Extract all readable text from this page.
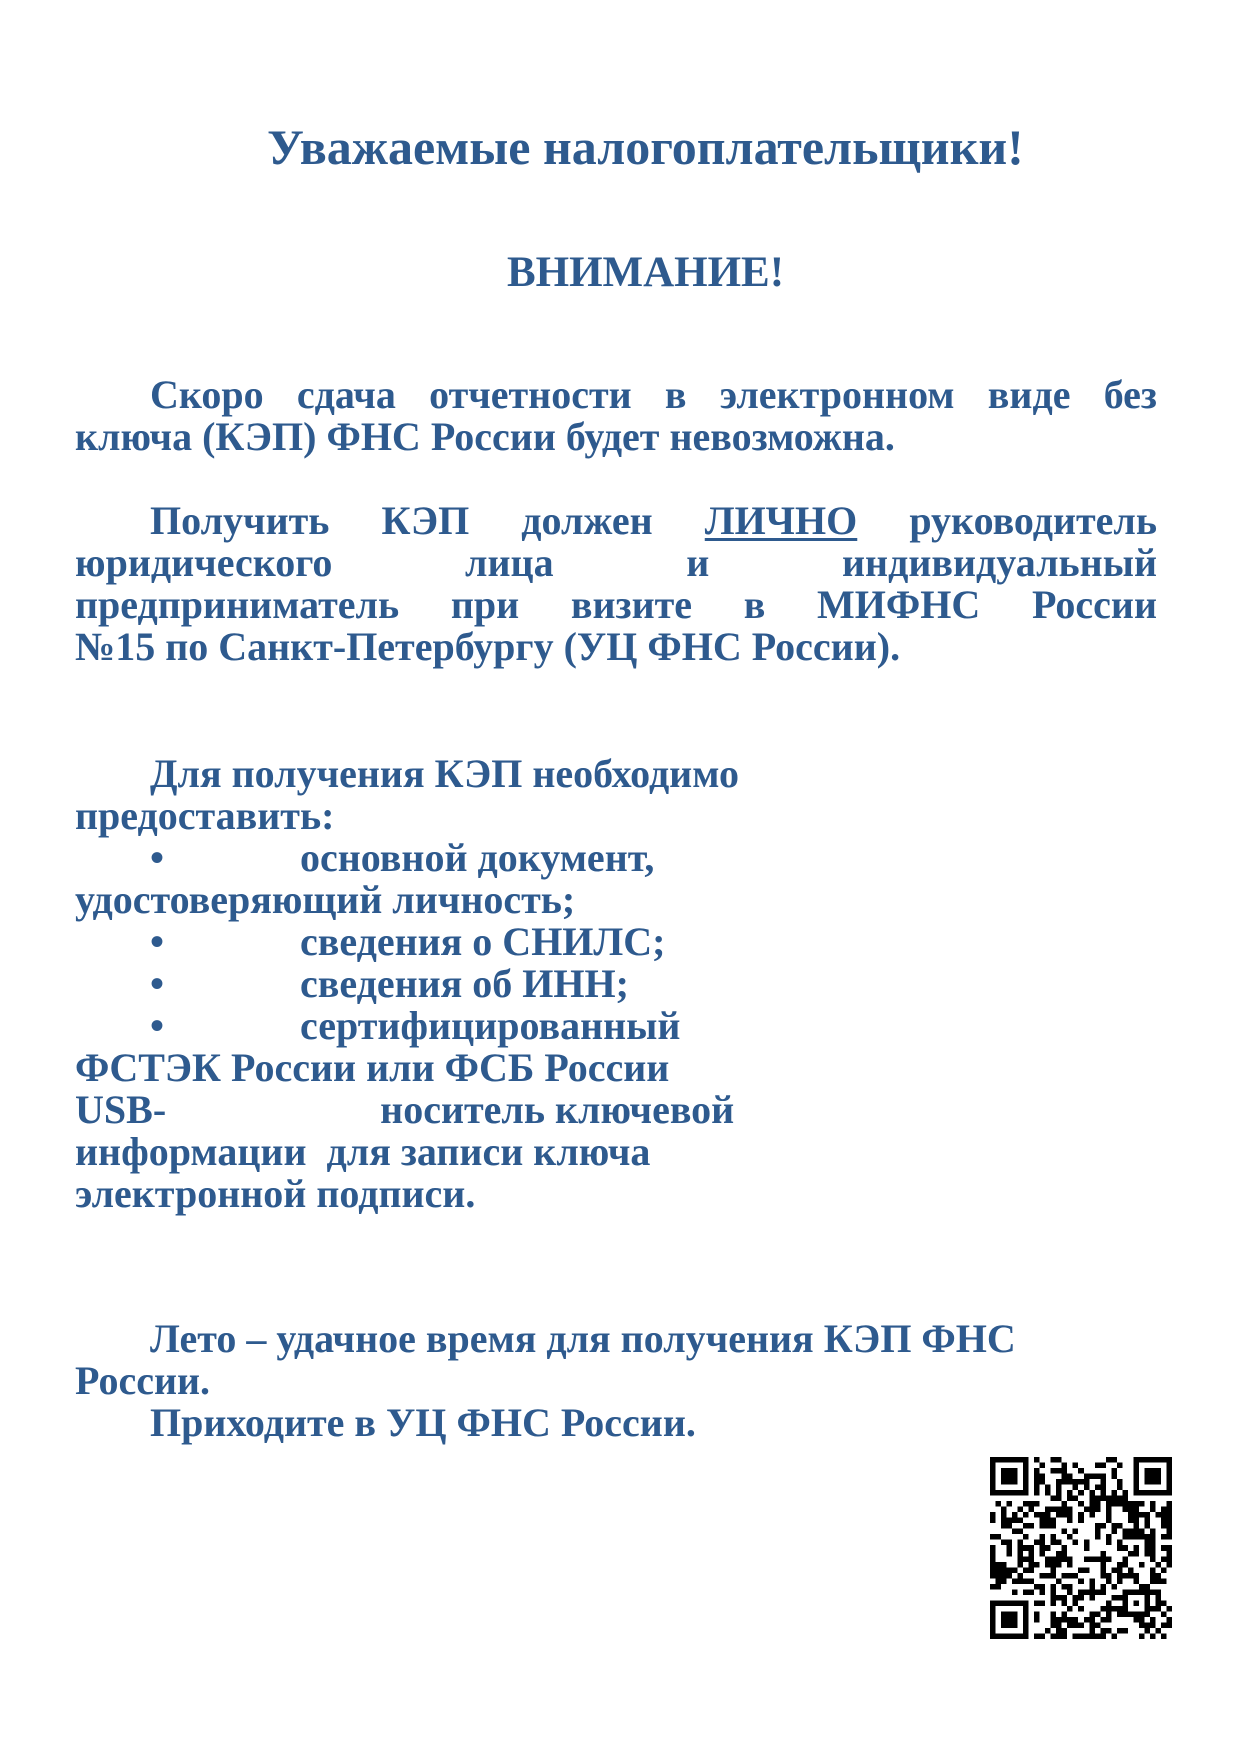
Уважаемые налогоплательщики!
ВНИМАНИЕ!
Скоро сдача отчетности в электронном виде без
ключа (КЭП) ФНС России будет невозможна.
Получить КЭП должен ЛИЧНО руководитель
юридического лица и индивидуальный
предприниматель при визите в МИФНС России
№15 по Санкт-Петербургу (УЦ ФНС России).
Для получения КЭП необходимо
предоставить:
•	основной документ,
удостоверяющий личность;
•	сведения о СНИЛС;
•	сведения об ИНН;
•	сертифицированный
ФСТЭК России или ФСБ России
USB-	носитель ключевой
информации  для записи ключа
электронной подписи.
Лето – удачное время для получения КЭП ФНС
России.
Приходите в УЦ ФНС России.
